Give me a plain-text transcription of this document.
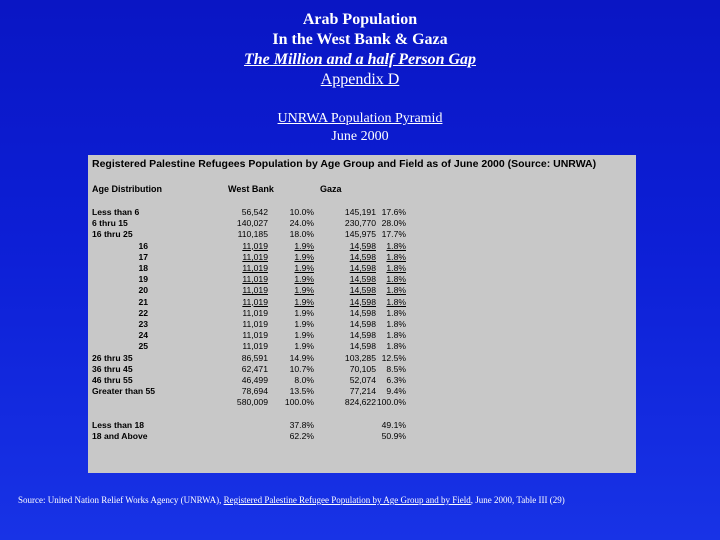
Arab Population
In the West Bank & Gaza
The Million and a half Person Gap
Appendix D
UNRWA Population Pyramid
June 2000
Registered Palestine Refugees Population by Age Group and Field as of June 2000 (Source: UNRWA)
Age Distribution	West Bank	Gaza
Less than 6	56,542	10.0%	145,191 17.6%
6 thru 15	140,027	24.0%	230,770 28.0%
16 thru 25	110,185	18.0%	145,975 17.7%
16	11,019	1.9%	14,598	1.8%
17	11,019	1.9%	14,598	1.8%
18	11,019	1.9%	14,598	1.8%
19	11,019	1.9%	14,598	1.8%
20	11,019	1.9%	14,598	1.8%
21	11,019	1.9%	14,598	1.8%
22	11,019	1.9%	14,598	1.8%
23	11,019	1.9%	14,598	1.8%
24	11,019	1.9%	14,598	1.8%
25	11,019	1.9%	14,598	1.8%
26 thru 35	86,591	14.9%	103,285 12.5%
36 thru 45	62,471	10.7%	70,105	8.5%
46 thru 55	46,499	8.0%	52,074	6.3%
Greater than 55	78,694	13.5%	77,214	9.4%
580,009	100.0%	824,622 100.0%
Less than 18	37.8%	49.1%
18 and Above	62.2%	50.9%
Source: United Nation Relief Works Agency (UNRWA), Registered Palestine Refugee Population by Age Group and by Field, June 2000, Table III (29)
